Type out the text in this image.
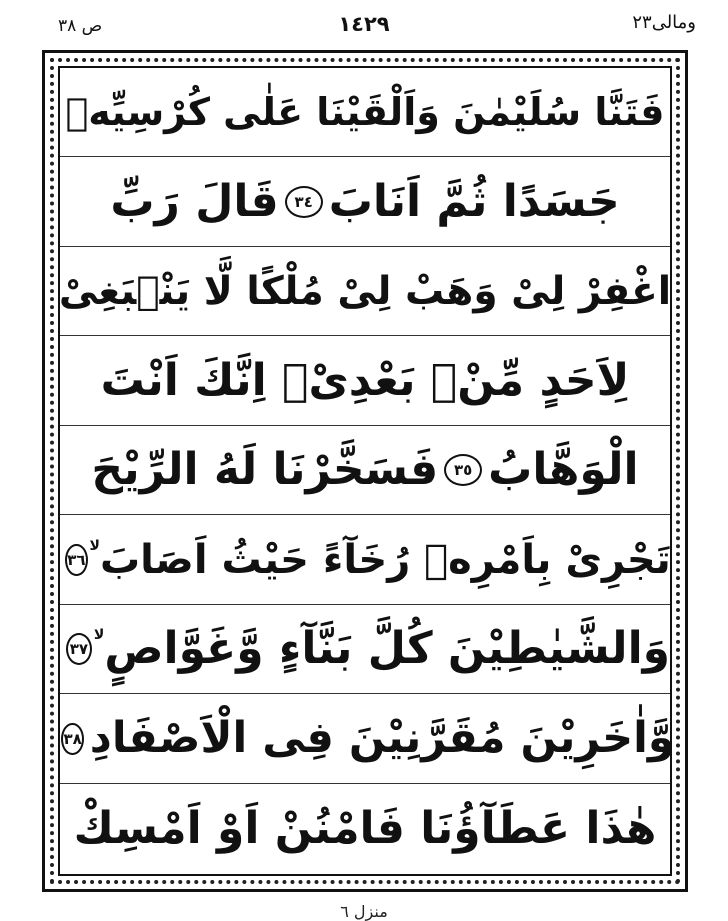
ص ٣٨	١٤٢٩	ومالى٢٣
فَتَنَّا سُلَيْمٰنَ وَاَلْقَيْنَا عَلٰى كُرْسِيِّهٖ
جَسَدًا ثُمَّ اَنَابَ
٣٤
قَالَ رَبِّ
اغْفِرْ لِىْ وَهَبْ لِىْ مُلْكًا لَّا يَنْۢبَغِىْ
لِاَحَدٍ مِّنْۢ بَعْدِىْۚ اِنَّكَ اَنْتَ
الْوَهَّابُ
٣٥
فَسَخَّرْنَا لَهُ الرِّيْحَ
تَجْرِىْ بِاَمْرِهٖ رُخَآءً حَيْثُ اَصَابَ
لا
٣٦
وَالشَّيٰطِيْنَ كُلَّ بَنَّآءٍ وَّغَوَّاصٍ
لا
٣٧
وَّاٰخَرِيْنَ مُقَرَّنِيْنَ فِى الْاَصْفَادِ
٣٨
هٰذَا عَطَآؤُنَا فَامْنُنْ اَوْ اَمْسِكْ
منزل ٦
